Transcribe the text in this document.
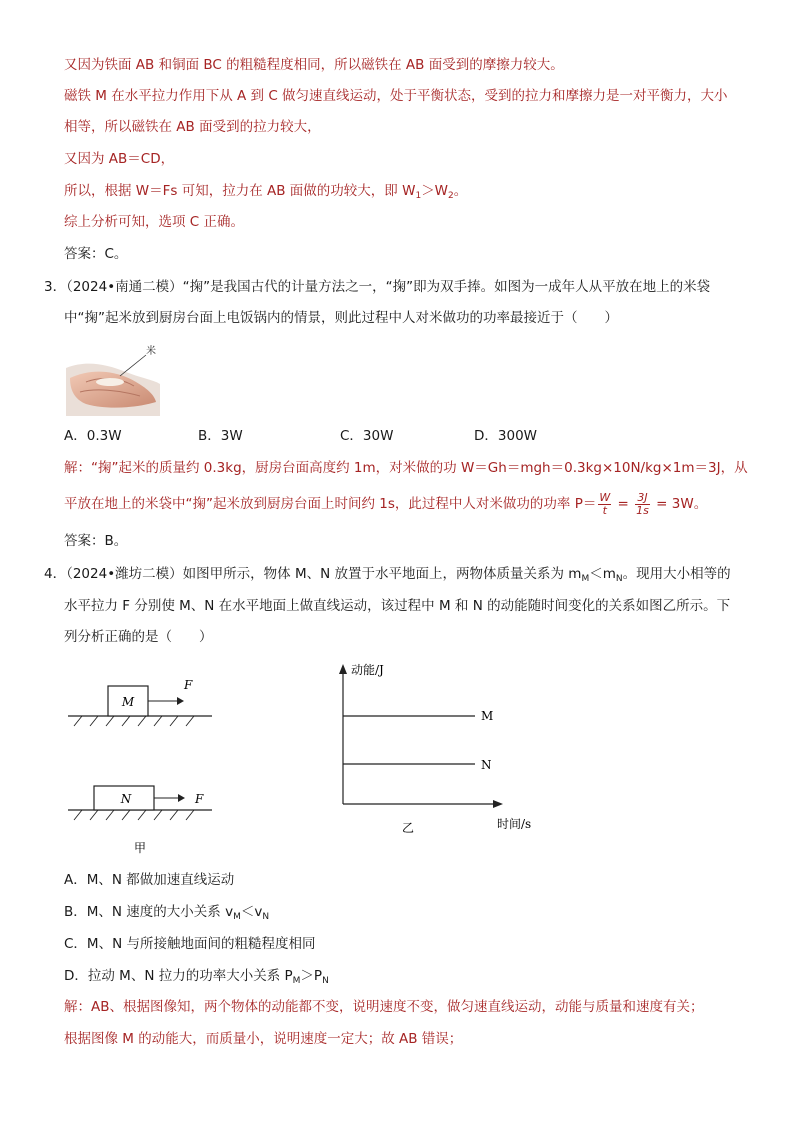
又因为铁面 AB 和铜面 BC 的粗糙程度相同，所以磁铁在 AB 面受到的摩擦力较大。
磁铁 M 在水平拉力作用下从 A 到 C 做匀速直线运动，处于平衡状态，受到的拉力和摩擦力是一对平衡力，大小
相等，所以磁铁在 AB 面受到的拉力较大，
又因为 AB＝CD，
所以，根据 W＝Fs 可知，拉力在 AB 面做的功较大，即 $W_1>W_2$。
综上分析可知，选项 C 正确。
答案：C。
3．（2024•南通二模）“掬”是我国古代的计量方法之一，“掬”即为双手捧。如图为一成年人从平放在地上的米袋
中“掬”起米放到厨房台面上电饭锅内的情景，则此过程中人对米做功的功率最接近于（　　）
米
A．0.3W	B．3W	C．30W	D．300W
解：“掬”起米的质量约 0.3kg，厨房台面高度约 1m，对米做的功 W＝Gh＝mgh＝0.3kg×10N/kg×1m＝3J，从
平放在地上的米袋中“掬”起米放到厨房台面上时间约 1s，此过程中人对米做功的功率 $P= \frac{W}{t} = \frac{3J}{1s} = 3W$。
答案：B。
4．（2024•潍坊二模）如图甲所示，物体 M、N 放置于水平地面上，两物体质量关系为 $m_M<m_N$。现用大小相等的
水平拉力 F 分别使 M、N 在水平地面上做直线运动，该过程中 M 和 N 的动能随时间变化的关系如图乙所示。下
列分析正确的是（　　）
M
F
N	F
甲
动能/J
M
N
时间/s
乙
A．M、N 都做加速直线运动
B．M、N 速度的大小关系 $v_M<v_N$
C．M、N 与所接触地面间的粗糙程度相同
D．拉动 M、N 拉力的功率大小关系 $P_M>P_N$
解：AB、根据图像知，两个物体的动能都不变，说明速度不变，做匀速直线运动，动能与质量和速度有关；
根据图像 M 的动能大，而质量小，说明速度一定大；故 AB 错误；
